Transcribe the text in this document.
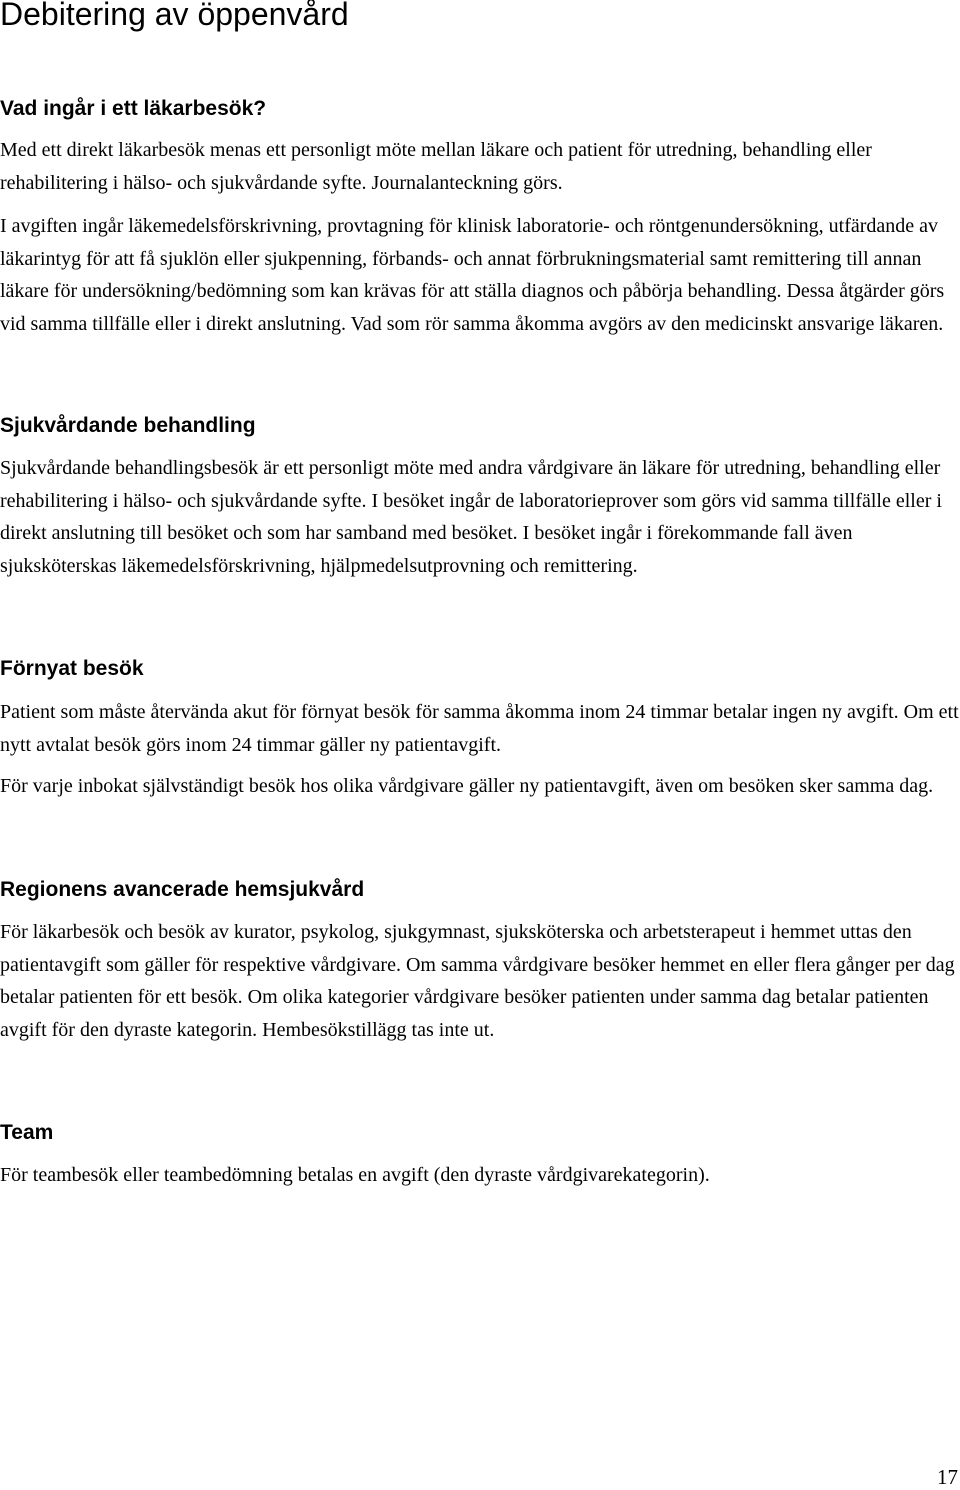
Debitering av öppenvård
Vad ingår i ett läkarbesök?

Med ett direkt läkarbesök menas ett personligt möte mellan läkare och patient för utredning, behandling eller rehabilitering i hälso- och sjukvårdande syfte. Journalanteckning görs.

I avgiften ingår läkemedelsförskrivning, provtagning för klinisk laboratorie- och röntgenundersökning, utfärdande av läkarintyg för att få sjuklön eller sjukpenning, förbands- och annat förbrukningsmaterial samt remittering till annan läkare för undersökning/bedömning som kan krävas för att ställa diagnos och påbörja behandling. Dessa åtgärder görs vid samma tillfälle eller i direkt anslutning. Vad som rör samma åkomma avgörs av den medicinskt ansvarige läkaren.

Sjukvårdande behandling

Sjukvårdande behandlingsbesök är ett personligt möte med andra vårdgivare än läkare för utredning, behandling eller rehabilitering i hälso- och sjukvårdande syfte. I besöket ingår de laboratorieprover som görs vid samma tillfälle eller i direkt anslutning till besöket och som har samband med besöket. I besöket ingår i förekommande fall även sjuksköterskas läkemedelsförskrivning, hjälpmedelsutprovning och remittering.

Förnyat besök

Patient som måste återvända akut för förnyat besök för samma åkomma inom 24 timmar betalar ingen ny avgift. Om ett nytt avtalat besök görs inom 24 timmar gäller ny patientavgift.

För varje inbokat självständigt besök hos olika vårdgivare gäller ny patientavgift, även om besöken sker samma dag.

Regionens avancerade hemsjukvård

För läkarbesök och besök av kurator, psykolog, sjukgymnast, sjuksköterska och arbetsterapeut i hemmet uttas den patientavgift som gäller för respektive vårdgivare. Om samma vårdgivare besöker hemmet en eller flera gånger per dag betalar patienten för ett besök. Om olika kategorier vårdgivare besöker patienten under samma dag betalar patienten avgift för den dyraste kategorin. Hembesökstillägg tas inte ut.

Team

För teambesök eller teambedömning betalas en avgift (den dyraste vårdgivarekategorin).

17
